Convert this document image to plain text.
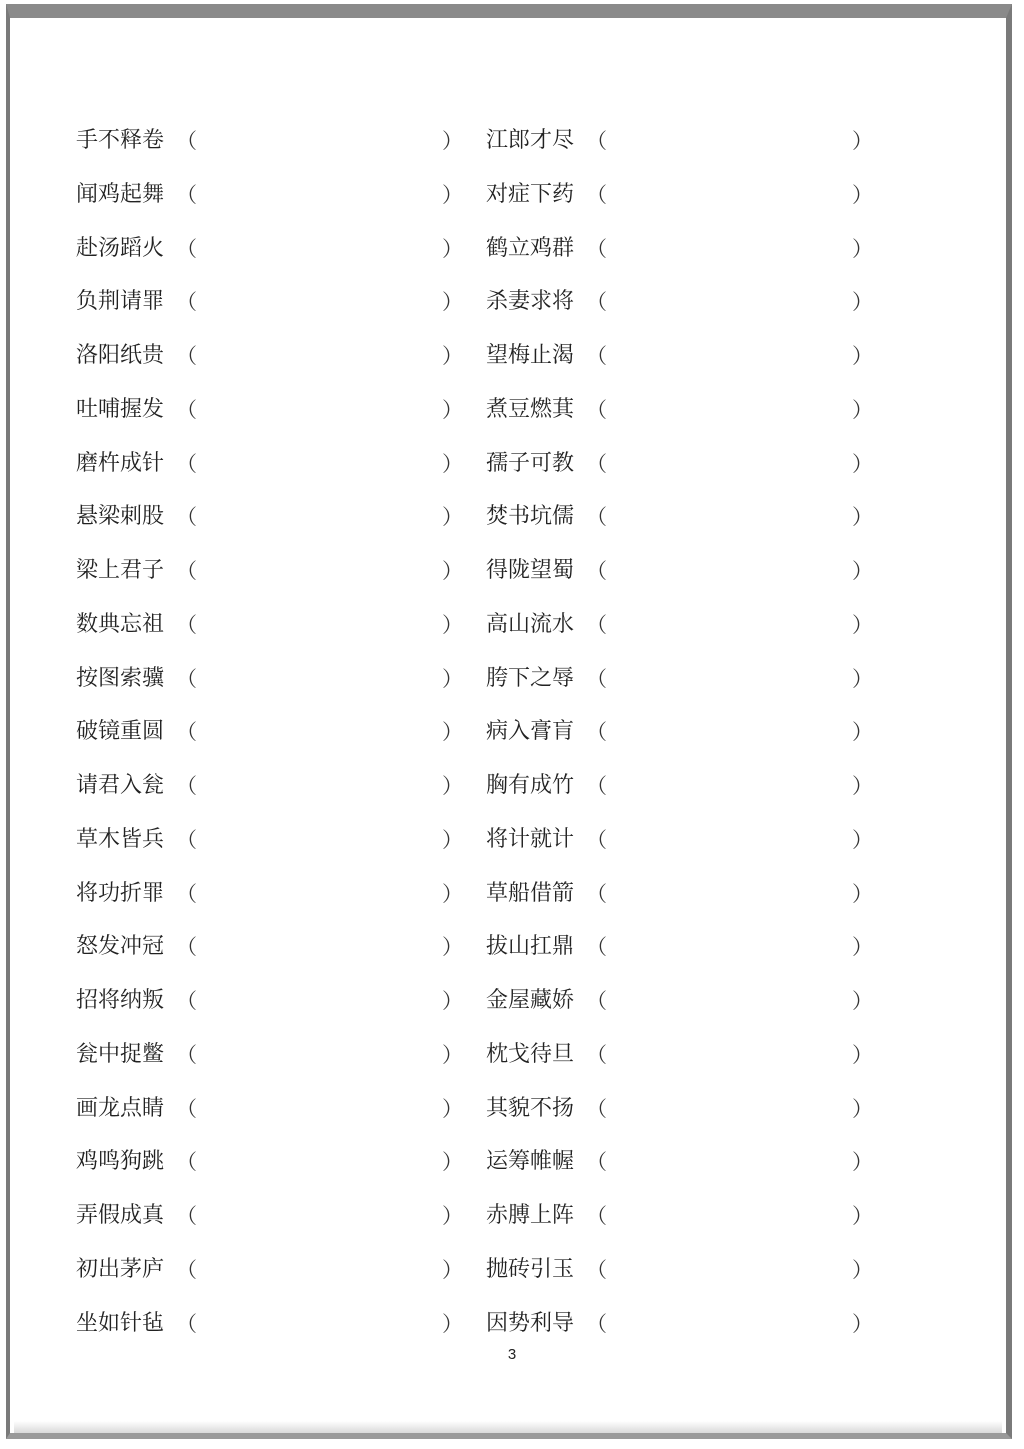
手不释卷 （	） 江郎才尽 （	）
闻鸡起舞 （	） 对症下药 （	）
赴汤蹈火 （	） 鹤立鸡群 （	）
负荆请罪 （	） 杀妻求将 （	）
洛阳纸贵 （	） 望梅止渴 （	）
吐哺握发 （	） 煮豆燃萁 （	）
磨杵成针 （	） 孺子可教 （	）
悬梁刺股 （	） 焚书坑儒 （	）
梁上君子 （	） 得陇望蜀 （	）
数典忘祖 （	） 高山流水 （	）
按图索骥 （	） 胯下之辱 （	）
破镜重圆 （	） 病入膏肓 （	）
请君入瓮 （	） 胸有成竹 （	）
草木皆兵 （	） 将计就计 （	）
将功折罪 （	） 草船借箭 （	）
怒发冲冠 （	） 拔山扛鼎 （	）
招将纳叛 （	） 金屋藏娇 （	）
瓮中捉鳖 （	） 枕戈待旦 （	）
画龙点睛 （	） 其貌不扬 （	）
鸡鸣狗跳 （	） 运筹帷幄 （	）
弄假成真 （	） 赤膊上阵 （	）
初出茅庐 （	） 抛砖引玉 （	）
坐如针毡 （	） 因势利导 （	）
3
